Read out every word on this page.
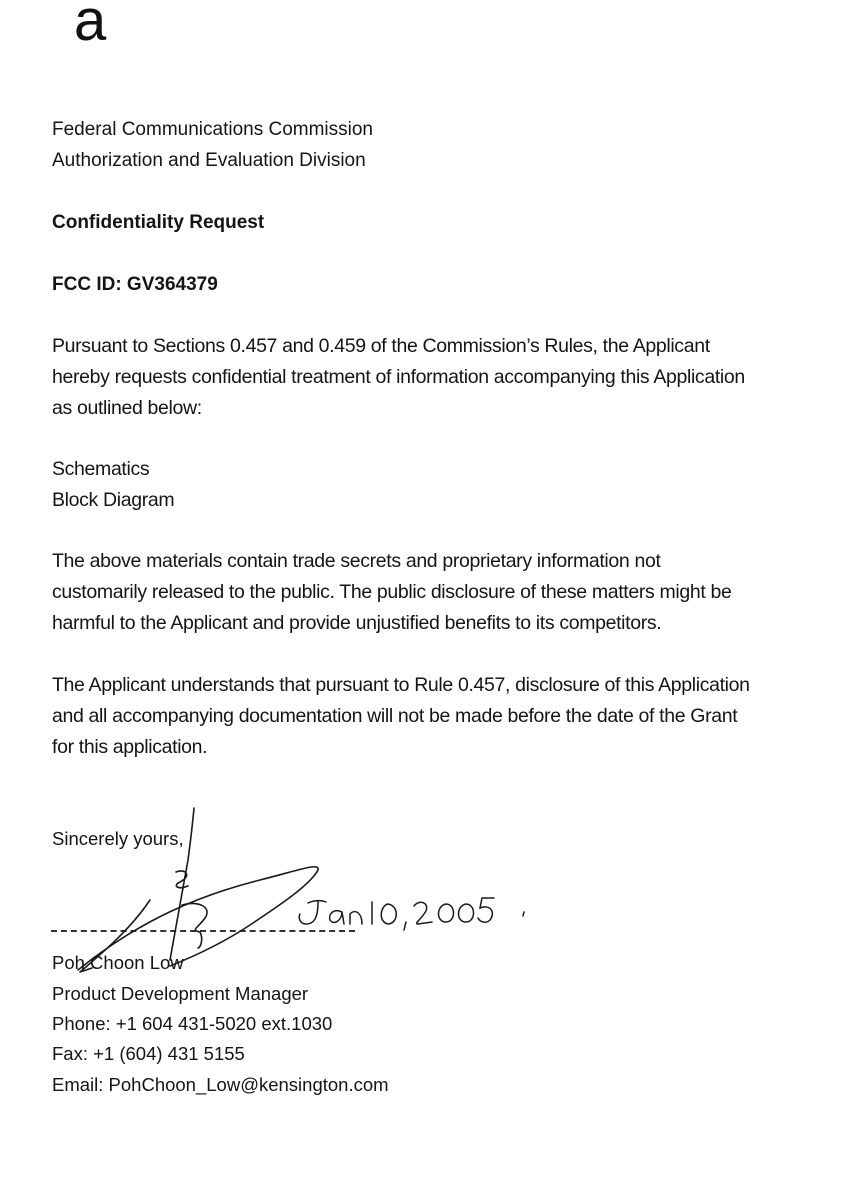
a
Federal Communications Commission
Authorization and Evaluation Division
Confidentiality Request
FCC ID: GV364379
Pursuant to Sections 0.457 and 0.459 of the Commission’s Rules, the Applicant
hereby requests confidential treatment of information accompanying this Application
as outlined below:
Schematics
Block Diagram
The above materials contain trade secrets and proprietary information not
customarily released to the public. The public disclosure of these matters might be
harmful to the Applicant and provide unjustified benefits to its competitors.
The Applicant understands that pursuant to Rule 0.457, disclosure of this Application
and all accompanying documentation will not be made before the date of the Grant
for this application.
Sincerely yours,
Poh Choon Low
Product Development Manager
Phone: +1 604 431-5020 ext.1030
Fax: +1 (604) 431 5155
Email: PohChoon_Low@kensington.com
